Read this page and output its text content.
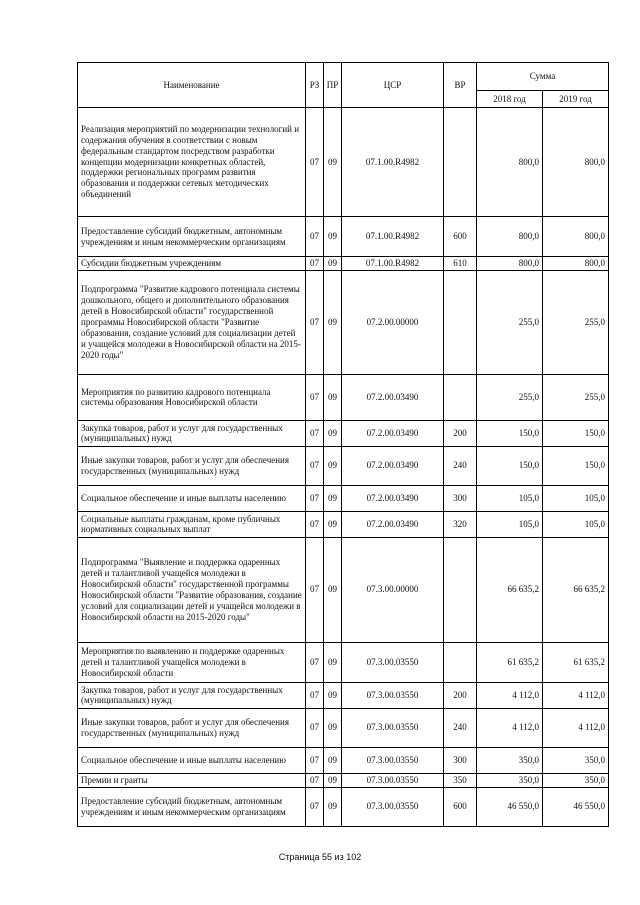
Наименование	РЗ	ПР	ЦСР	ВР	Сумма	
					2018 год	2019 год
Реализация мероприятий по модернизации технологий и содержания обучения в соответствии с новым федеральным стандартом посредством разработки концепции модернизации конкретных областей, поддержки региональных программ развития образования и поддержки сетевых методических объединений	07	09	07.1.00.R4982		800,0	800,0
Предоставление субсидий бюджетным, автономным учреждениям и иным некоммерческим организациям	07	09	07.1.00.R4982	600	800,0	800,0
Субсидии бюджетным учреждениям	07	09	07.1.00.R4982	610	800,0	800,0
Подпрограмма "Развитие кадрового потенциала системы дошкольного, общего и дополнительного образования детей в Новосибирской области" государственной программы Новосибирской области "Развитие образования, создание условий для социализации детей и учащейся молодежи в Новосибирской области на 2015-2020 годы"	07	09	07.2.00.00000		255,0	255,0
Мероприятия по развитию кадрового потенциала системы образования Новосибирской области	07	09	07.2.00.03490		255,0	255,0
Закупка товаров, работ и услуг для государственных (муниципальных) нужд	07	09	07.2.00.03490	200	150,0	150,0
Иные закупки товаров, работ и услуг для обеспечения государственных (муниципальных) нужд	07	09	07.2.00.03490	240	150,0	150,0
Социальное обеспечение и иные выплаты населению	07	09	07.2.00.03490	300	105,0	105,0
Социальные выплаты гражданам, кроме публичных нормативных социальных выплат	07	09	07.2.00.03490	320	105,0	105,0
Подпрограмма "Выявление и поддержка одаренных детей и талантливой учащейся молодежи в Новосибирской области" государственной программы Новосибирской области "Развитие образования, создание условий для социализации детей и учащейся молодежи в Новосибирской области на 2015-2020 годы"	07	09	07.3.00.00000		66 635,2	66 635,2
Мероприятия по выявлению и поддержке одаренных детей и талантливой учащейся молодежи в Новосибирской области	07	09	07.3.00.03550		61 635,2	61 635,2
Закупка товаров, работ и услуг для государственных (муниципальных) нужд	07	09	07.3.00.03550	200	4 112,0	4 112,0
Иные закупки товаров, работ и услуг для обеспечения государственных (муниципальных) нужд	07	09	07.3.00.03550	240	4 112,0	4 112,0
Социальное обеспечение и иные выплаты населению	07	09	07.3.00.03550	300	350,0	350,0
Премии и гранты	07	09	07.3.00.03550	350	350,0	350,0
Предоставление субсидий бюджетным, автономным учреждениям и иным некоммерческим организациям	07	09	07.3.00.03550	600	46 550,0	46 550,0
Страница 55 из 102
